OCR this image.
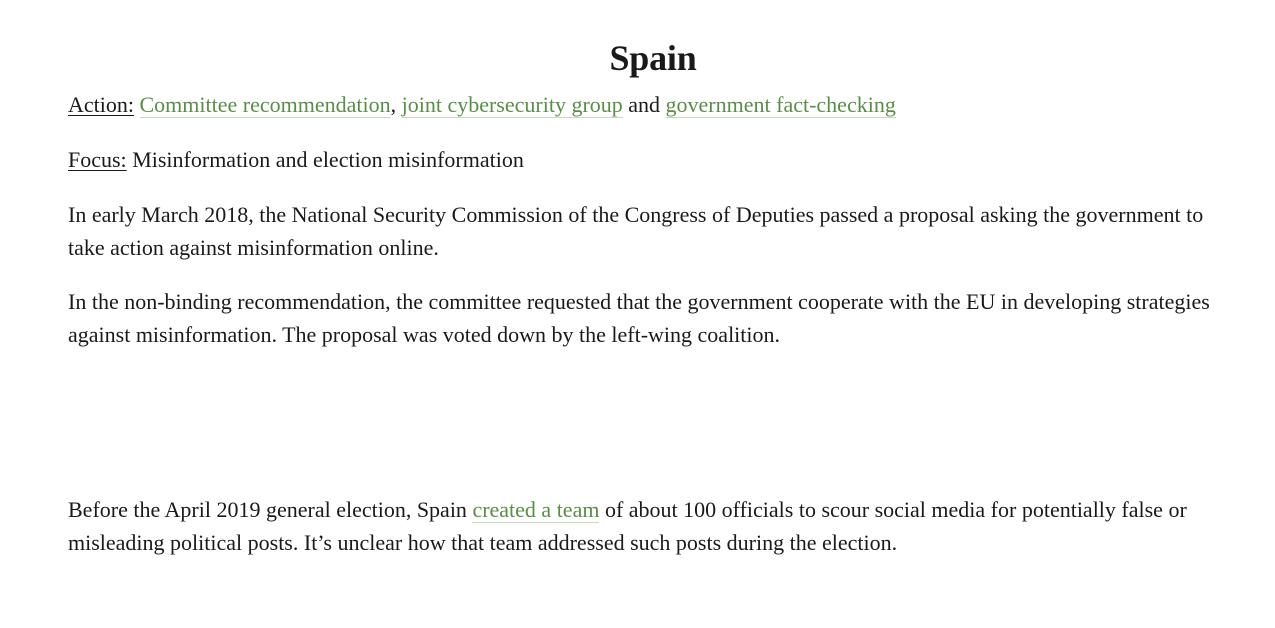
Spain

Action: Committee recommendation, joint cybersecurity group and government fact-checking

Focus: Misinformation and election misinformation

In early March 2018, the National Security Commission of the Congress of Deputies passed a proposal asking the government to take action against misinformation online.

In the non-binding recommendation, the committee requested that the government cooperate with the EU in developing strategies against misinformation. The proposal was voted down by the left-wing coalition.

Before the April 2019 general election, Spain created a team of about 100 officials to scour social media for potentially false or misleading political posts. It’s unclear how that team addressed such posts during the election.
